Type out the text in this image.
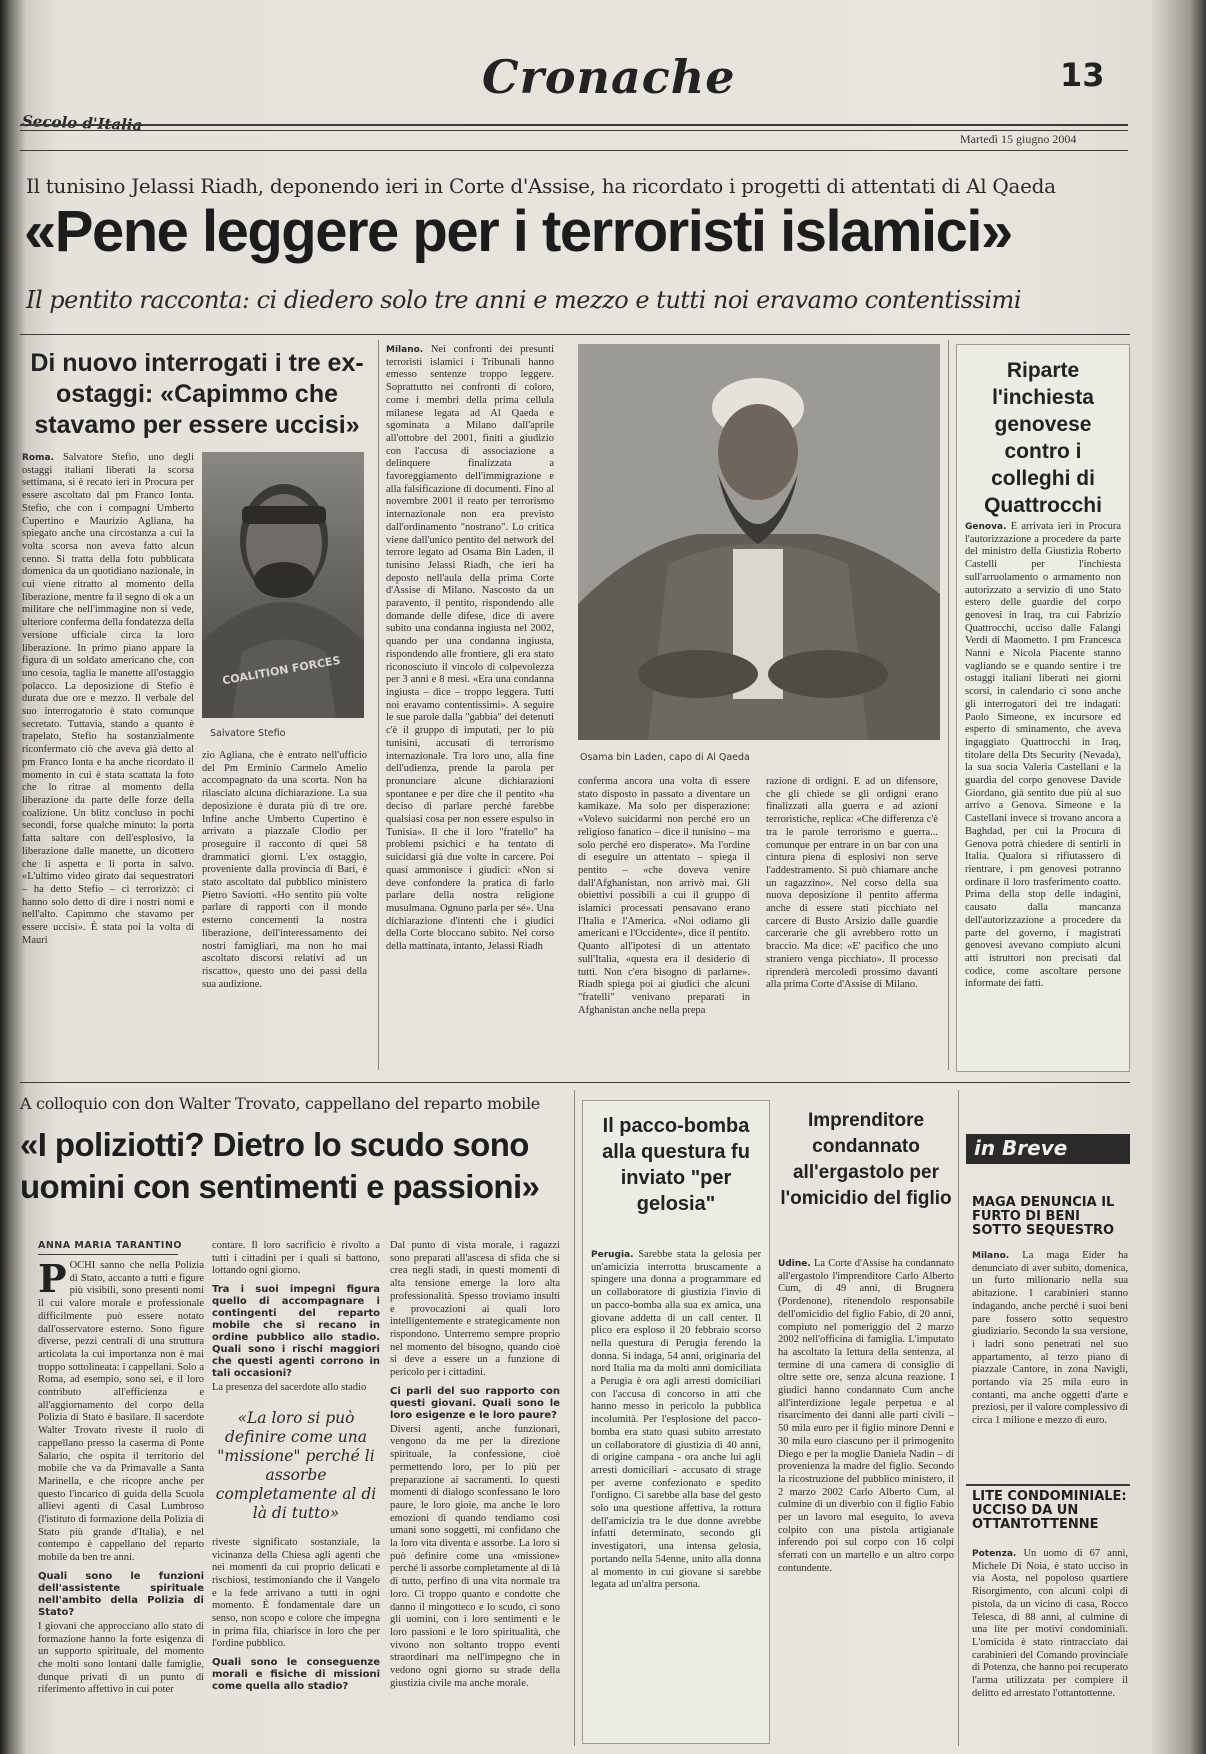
Cronache	13
Martedì 15 giugno 2004
Il tunisino Jelassi Riadh, deponendo ieri in Corte d'Assise, ha ricordato i progetti di attentati di Al Qaeda
«Pene leggere per i terroristi islamici»
Il pentito racconta: ci diedero solo tre anni e mezzo e tutti noi eravamo contentissimi
Di nuovo interrogati i tre ex-ostaggi: «Capimmo che stavamo per essere uccisi»
COALITION FORCES
Salvatore Stefio
Roma. Salvatore Stefio, uno degli ostaggi italiani liberati la scorsa settimana, si è recato ieri in Procura per essere ascoltato dal pm Franco Ionta. Stefio, che con i compagni Umberto Cupertino e Maurizio Agliana, ha spiegato anche una circostanza a cui la volta scorsa non aveva fatto alcun cenno. Si tratta della foto pubblicata domenica da un quotidiano nazionale, in cui viene ritratto al momento della liberazione, mentre fa il segno di ok a un militare che nell'immagine non si vede, ulteriore conferma della fondatezza della versione ufficiale circa la loro liberazione. In primo piano appare la figura di un soldato americano che, con uno cesoia, taglia le manette all'ostaggio polacco. La deposizione di Stefio è durata due ore e mezzo. Il verbale del suo interrogatorio è stato comunque secretato. Tuttavia, stando a quanto è trapelato, Stefio ha sostanzialmente riconfermato ciò che aveva già detto al pm Franco Ionta e ha anche ricordato il momento in cui è stata scattata la foto che lo ritrae al momento della liberazione da parte delle forze della coalizione. Un blitz concluso in pochi secondi, forse qualche minuto: la porta fatta saltare con dell'esplosivo, la liberazione dalle manette, un dicottero che li aspetta e li porta in salvo. «L'ultimo video girato dai sequestratori – ha detto Stefio – ci terrorizzò: ci hanno solo detto di dire i nostri nomi e nell'alto. Capimmo che stavamo per essere uccisi». È stata poi la volta di Mauri
zio Agliana, che è entrato nell'ufficio del Pm Erminio Carmelo Amelio accompagnato da una scorta. Non ha rilasciato alcuna dichiarazione. La sua deposizione è durata più di tre ore. Infine anche Umberto Cupertino è arrivato a piazzale Clodio per proseguire il racconto di quei 58 drammatici giorni. L'ex ostaggio, proveniente dalla provincia di Bari, è stato ascoltato dal pubblico ministero Pietro Saviotti. «Ho sentito più volte parlare di rapporti con il mondo esterno concernenti la nostra liberazione, dell'interessamento dei nostri famigliari, ma non ho mai ascoltato discorsi relativi ad un riscatto», questo uno dei passi della sua audizione.
Milano. Nei confronti dei presunti terroristi islamici i Tribunali hanno emesso sentenze troppo leggere. Soprattutto nei confronti di coloro, come i membri della prima cellula milanese legata ad Al Qaeda e sgominata a Milano dall'aprile all'ottobre del 2001, finiti a giudizio con l'accusa di associazione a delinquere finalizzata a favoreggiamento dell'immigrazione e alla falsificazione di documenti. Fino al novembre 2001 il reato per terrorismo internazionale non era previsto dall'ordinamento "nostrano". Lo critica viene dall'unico pentito del network del terrore legato ad Osama Bin Laden, il tunisino Jelassi Riadh, che ieri ha deposto nell'aula della prima Corte d'Assise di Milano. Nascosto da un paravento, il pentito, rispondendo alle domande delle difese, dice di avere subito una condanna ingiusta nel 2002, quando per una condanna ingiusta, rispondendo alle frontiere, gli era stato riconosciuto il vincolo di colpevolezza per 3 anni e 8 mesi. «Era una condanna ingiusta – dice – troppo leggera. Tutti noi eravamo contentissimi». A seguire le sue parole dalla "gabbia" dei detenuti c'è il gruppo di imputati, per lo più tunisini, accusati di terrorismo internazionale. Tra loro uno, alla fine dell'udienza, prende la parola per pronunciare alcune dichiarazioni spontanee e per dire che il pentito «ha deciso di parlare perché farebbe qualsiasi cosa per non essere espulso in Tunisia». Il che il loro "fratello" ha problemi psichici e ha tentato di suicidarsi già due volte in carcere. Poi quasi ammonisce i giudici: «Non si deve confondere la pratica di farlo parlare della nostra religione musulmana. Ognuno parla per sé». Una dichiarazione d'intenti che i giudici della Corte bloccano subito. Nel corso della mattinata, intanto, Jelassi Riadh
Osama bin Laden, capo di Al Qaeda
conferma ancora una volta di essere stato disposto in passato a diventare un kamikaze. Ma solo per disperazione: «Volevo suicidarmi non perché ero un religioso fanatico – dice il tunisino – ma solo perché ero disperato». Ma l'ordine di eseguire un attentato – spiega il pentito – «che doveva venire dall'Afghanistan, non arrivò mai. Gli obiettivi possibili a cui il gruppo di islamici processati pensavano erano l'Italia e l'America. «Noi odiamo gli americani e l'Occidente», dice il pentito. Quanto all'ipotesi di un attentato sull'Italia, «questa era il desiderio di tutti. Non c'era bisogno di parlarne». Riadh spiega poi ai giudici che alcuni "fratelli" venivano preparati in Afghanistan anche nella prepa
razione di ordigni. E ad un difensore, che gli chiede se gli ordigni erano finalizzati alla guerra e ad azioni terroristiche, replica: «Che differenza c'è tra le parole terrorismo e guerra... comunque per entrare in un bar con una cintura piena di esplosivi non serve l'addestramento. Si può chiamare anche un ragazzino». Nel corso della sua nuova deposizione il pentito afferma anche di essere stati picchiato nel carcere di Busto Arsizio dalle guardie carcerarie che gli avrebbero rotto un braccio. Ma dice: «E' pacifico che uno straniero venga picchiato». Il processo riprenderà mercoledì prossimo davanti alla prima Corte d'Assise di Milano.
Riparte l'inchiesta genovese contro i colleghi di Quattrocchi
Genova. È arrivata ieri in Procura l'autorizzazione a procedere da parte del ministro della Giustizia Roberto Castelli per l'inchiesta sull'arruolamento o armamento non autorizzato a servizio di uno Stato estero delle guardie del corpo genovesi in Iraq, tra cui Fabrizio Quattrocchi, ucciso dalle Falangi Verdi di Maometto. I pm Francesca Nanni e Nicola Piacente stanno vagliando se e quando sentire i tre ostaggi italiani liberati nei giorni scorsi, in calendario ci sono anche gli interrogatori dei tre indagati: Paolo Simeone, ex incursore ed esperto di sminamento, che aveva ingaggiato Quattrocchi in Iraq, titolare della Dts Security (Nevada), la sua socia Valeria Castellani e la guardia del corpo genovese Davide Giordano, già sentito due più al suo arrivo a Genova. Simeone e la Castellani invece si trovano ancora a Baghdad, per cui la Procura di Genova potrà chiedere di sentirli in Italia. Qualora si rifiutassero di rientrare, i pm genovesi potranno ordinare il loro trasferimento coatto. Prima della stop delle indagini, causato dalla mancanza dell'autorizzazione a procedere da parte del governo, i magistrati genovesi avevano compiuto alcuni atti istruttori non precisati dal codice, come ascoltare persone informate dei fatti.
A colloquio con don Walter Trovato, cappellano del reparto mobile
«I poliziotti? Dietro lo scudo sono uomini con sentimenti e passioni»
ANNA MARIA TARANTINO
POCHI sanno che nella Polizia di Stato, accanto a tutti e figure più visibili, sono presenti nomi il cui valore morale e professionale difficilmente può essere notato dall'osservatore esterno. Sono figure diverse, pezzi centrali di una struttura articolata la cui importanza non è mai troppo sottolineata: i cappellani. Solo a Roma, ad esempio, sono sei, e il loro contributo all'efficienza e all'aggiornamento del corpo della Polizia di Stato è basilare. Il sacerdote Walter Trovato riveste il ruolo di cappellano presso la caserma di Ponte Salario, che ospita il territorio del mobile che va da Primavalle a Santa Marinella, e che ricopre anche per questo l'incarico di guida della Scuola allievi agenti di Casal Lumbroso (l'istituto di formazione della Polizia di Stato più grande d'Italia), e nel contempo è cappellano del reparto mobile da ben tre anni.
Quali sono le funzioni dell'assistente spirituale nell'ambito della Polizia di Stato?
I giovani che approcciano allo stato di formazione hanno la forte esigenza di un supporto spirituale, del momento che molti sono lontani dalle famiglie, dunque privati di un punto di riferimento affettivo in cui poter
contare. Il loro sacrificio è rivolto a tutti i cittadini per i quali si battono, lottando ogni giorno.
Tra i suoi impegni figura quello di accompagnare i contingenti del reparto mobile che si recano in ordine pubblico allo stadio. Quali sono i rischi maggiori che questi agenti corrono in tali occasioni?
La presenza del sacerdote allo stadio
«La loro si può definire come una "missione" perché li assorbe completamente al di là di tutto»
riveste significato sostanziale, la vicinanza della Chiesa agli agenti che nei momenti da cui proprio delicati e rischiosi, testimoniando che il Vangelo e la fede arrivano a tutti in ogni momento. È fondamentale dare un senso, non scopo e colore che impegna in prima fila, chiarisce in loro che per l'ordine pubblico.
Quali sono le conseguenze morali e fisiche di missioni come quella allo stadio?
Dal punto di vista morale, i ragazzi sono preparati all'ascesa di sfida che si crea negli stadi, in questi momenti di alta tensione emerge la loro alta professionalità. Spesso troviamo insulti e provocazioni ai quali loro intelligentemente e strategicamente non rispondono. Unterremo sempre proprio nel momento del bisogno, quando cioè si deve a essere un a funzione di pericolo per i cittadini.
Ci parli del suo rapporto con questi giovani. Quali sono le loro esigenze e le loro paure?
Diversi agenti, anche funzionari, vengono da me per la direzione spirituale, la confessione, cioè permettendo loro, per lo più per preparazione ai sacramenti. Io questi momenti di dialogo sconfessano le loro paure, le loro gioie, ma anche le loro emozioni di quando tendiamo così umani sono soggetti, mi confidano che la loro vita diventa e assorbe. La loro si può definire come una «missione» perché li assorbe completamente al di là di tutto, perfino di una vita normale tra loro. Ci troppo quanto e condotte che danno il mingotteco e lo scudo, ci sono gli uomini, con i loro sentimenti e le loro passioni e le loro spiritualità, che vivono non soltanto troppo eventi straordinari ma nell'impegno che in vedono ogni giorno su strade della giustizia civile ma anche morale.
Il pacco-bomba alla questura fu inviato "per gelosia"
Perugia. Sarebbe stata la gelosia per un'amicizia interrotta bruscamente a spingere una donna a programmare ed un collaboratore di giustizia l'invio di un pacco-bomba alla sua ex amica, una giovane addetta di un call center. Il plico era esploso il 20 febbraio scorso nella questura di Perugia ferendo la donna. Si indaga, 54 anni, originaria del nord Italia ma da molti anni domiciliata a Perugia è ora agli arresti domiciliari con l'accusa di concorso in atti che hanno messo in pericolo la pubblica incolumità. Per l'esplosione del pacco-bomba era stato quasi subito arrestato un collaboratore di giustizia di 40 anni, di origine campana - ora anche lui agli arresti domiciliari - accusato di strage per averne confezionato e spedito l'ordigno. Ci sarebbe alla base del gesto solo una questione affettiva, la rottura dell'amicizia tra le due donne avrebbe infatti determinato, secondo gli investigatori, una intensa gelosia, portando nella 54enne, unito alla donna al momento in cui giovane si sarebbe legata ad un'altra persona.
Imprenditore condannato all'ergastolo per l'omicidio del figlio
Udine. La Corte d'Assise ha condannato all'ergastolo l'imprenditore Carlo Alberto Cum, di 49 anni, di Brugnera (Pordenone), ritenendolo responsabile dell'omicidio del figlio Fabio, di 20 anni, compiuto nel pomeriggio del 2 marzo 2002 nell'officina di famiglia. L'imputato ha ascoltato la lettura della sentenza, al termine di una camera di consiglio di oltre sette ore, senza alcuna reazione. I giudici hanno condannato Cum anche all'interdizione legale perpetua e al risarcimento dei danni alle parti civili – 50 mila euro per il figlio minore Denni e 30 mila euro ciascuno per il primogenito Diego e per la moglie Daniela Nadin – di provenienza la madre del figlio. Secondo la ricostruzione del pubblico ministero, il 2 marzo 2002 Carlo Alberto Cum, al culmine di un diverbio con il figlio Fabio per un lavoro mal eseguito, lo aveva colpito con una pistola artigianale inferendo poi sul corpo con 16 colpi sferrati con un martello e un altro corpo contundente.
in Breve
MAGA DENUNCIA IL FURTO DI BENI SOTTO SEQUESTRO
Milano. La maga Eider ha denunciato di aver subito, domenica, un furto milionario nella sua abitazione. I carabinieri stanno indagando, anche perché i suoi beni pare fossero sotto sequestro giudiziario. Secondo la sua versione, i ladri sono penetrati nel suo appartamento, al terzo piano di piazzale Cantore, in zona Navigli, portando via 25 mila euro in contanti, ma anche oggetti d'arte e preziosi, per il valore complessivo di circa 1 milione e mezzo di euro.
LITE CONDOMINIALE: UCCISO DA UN OTTANTOTTENNE
Potenza. Un uomo di 67 anni, Michele Di Noia, è stato ucciso in via Aosta, nel popoloso quartiere Risorgimento, con alcuni colpi di pistola, da un vicino di casa, Rocco Telesca, di 88 anni, al culmine di una lite per motivi condominiali. L'omicida è stato rintracciato dai carabinieri del Comando provinciale di Potenza, che hanno poi recuperato l'arma utilizzata per compiere il delitto ed arrestato l'ottantottenne.
